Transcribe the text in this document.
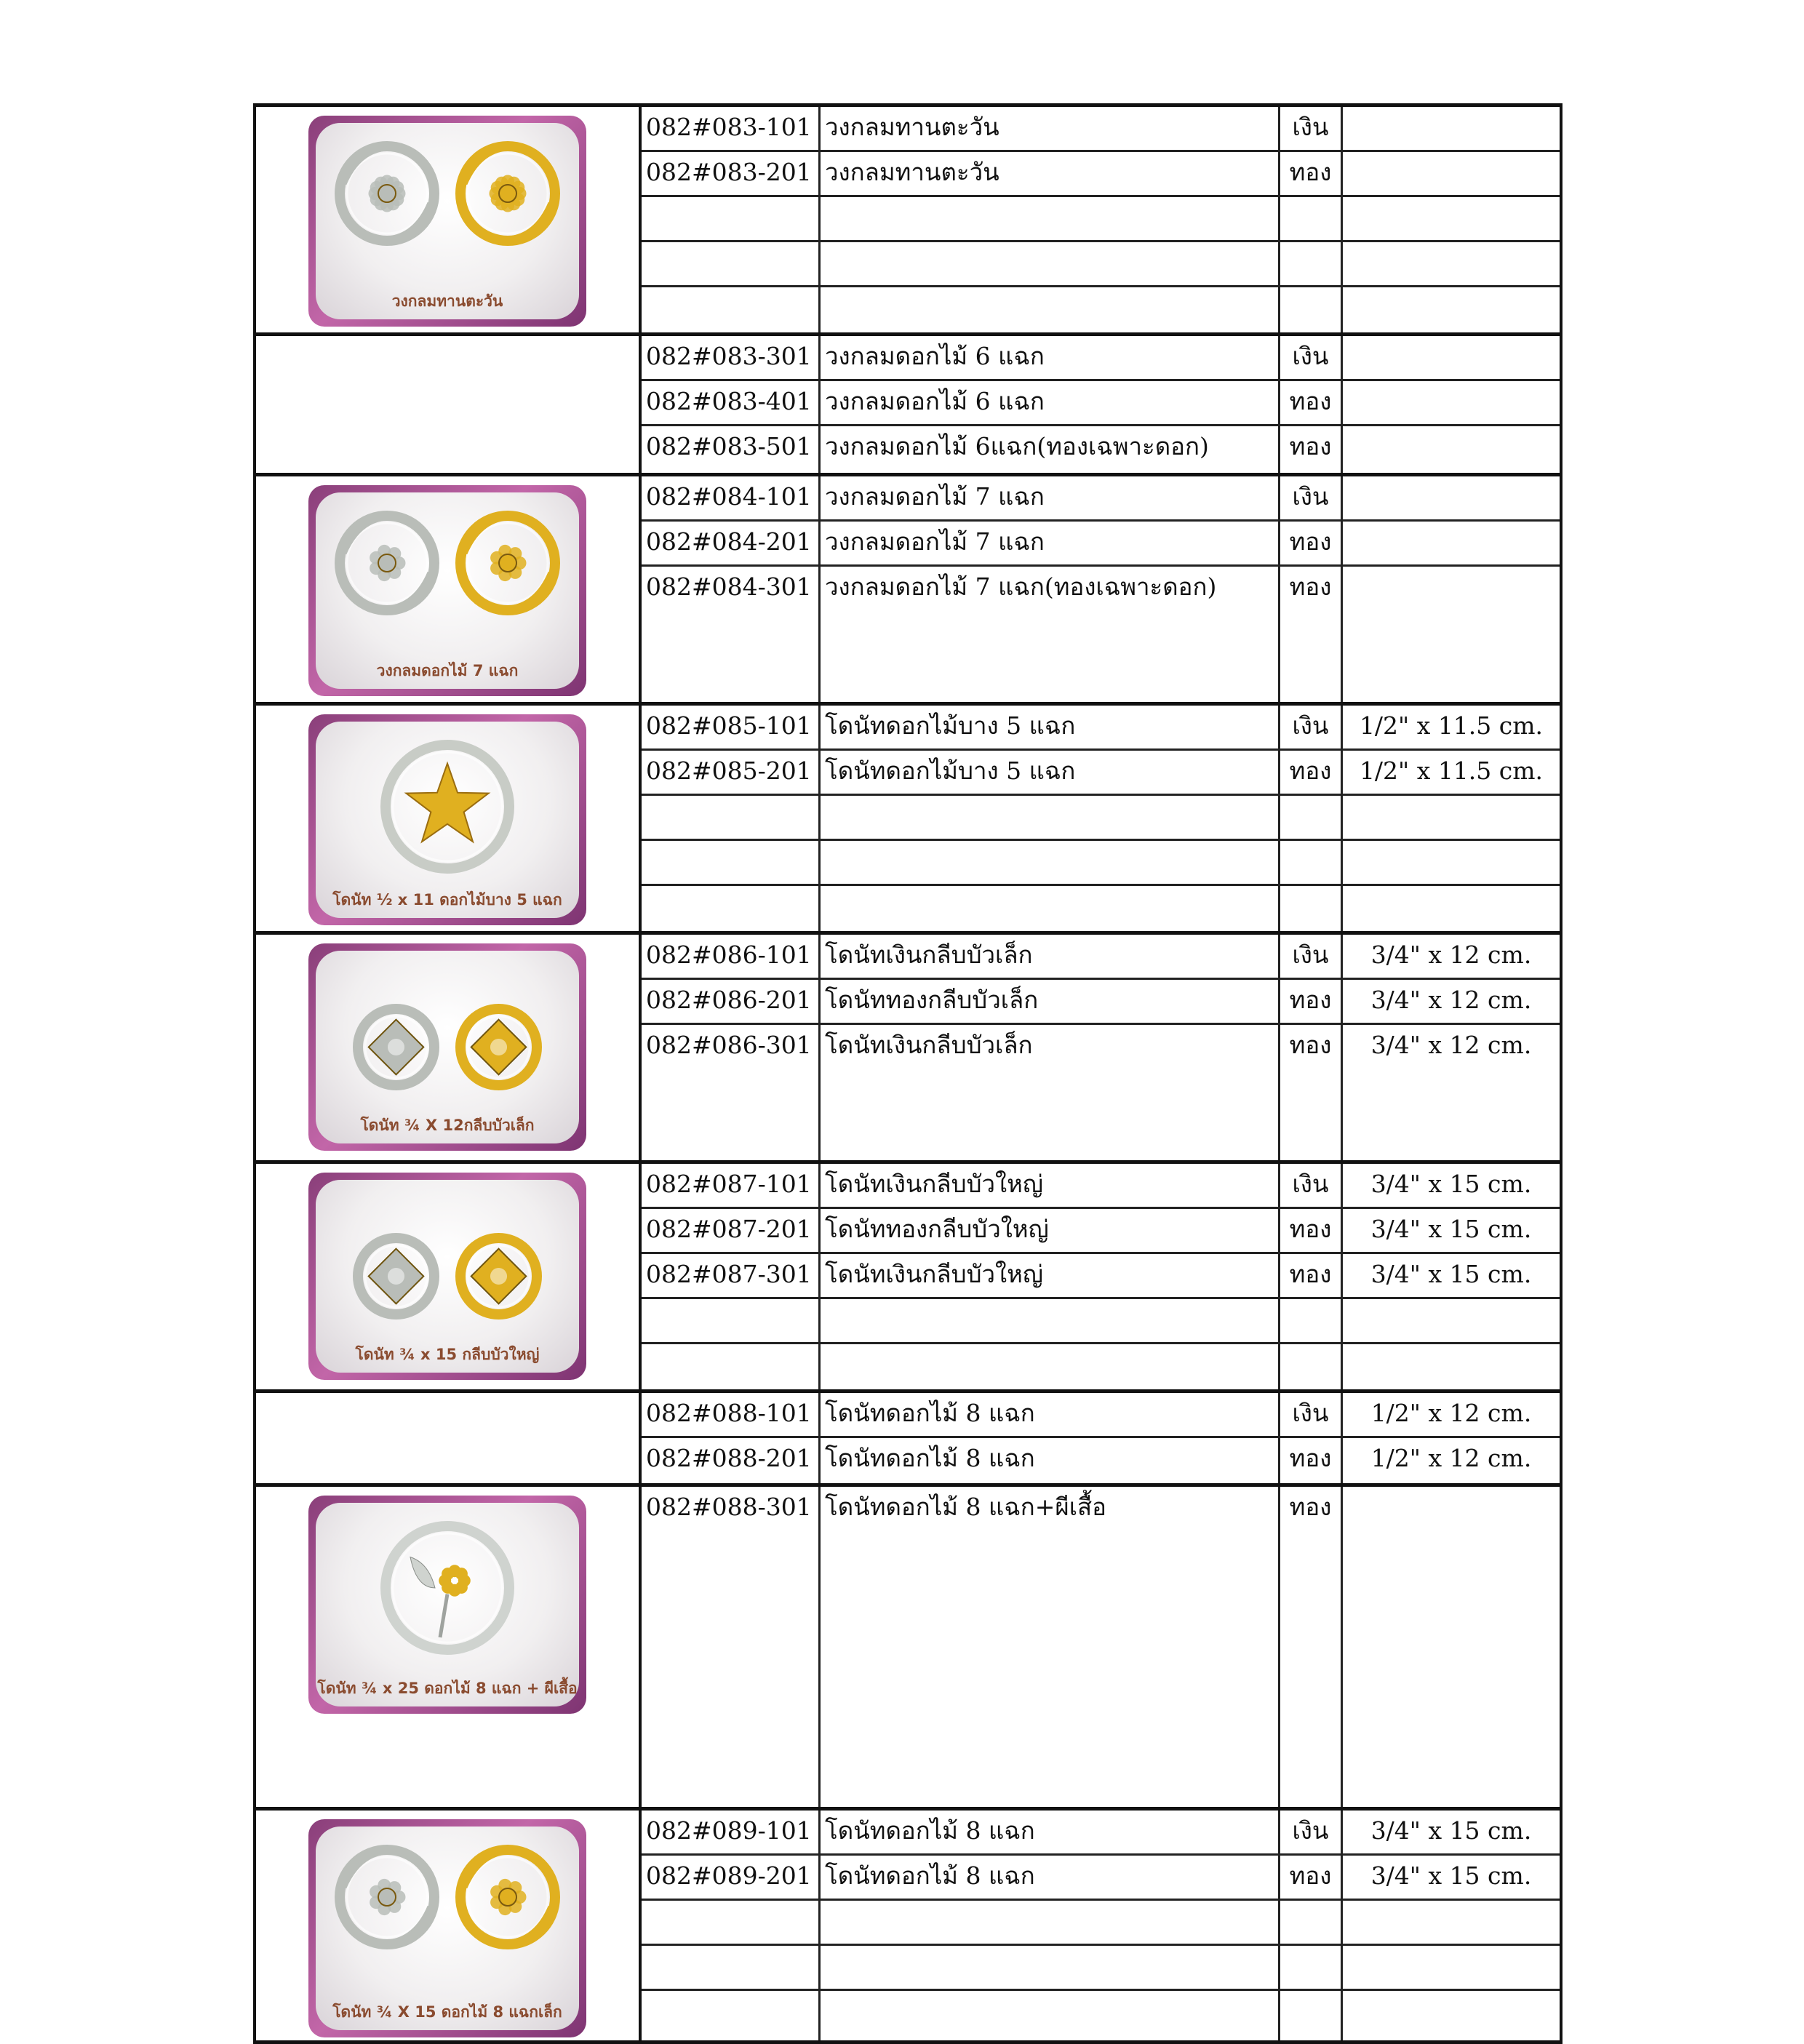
วงกลมทานตะวัน
082#083-101 วงกลมทานตะวัน	เงิน
082#083-201 วงกลมทานตะวัน	ทอง
082#083-301 วงกลมดอกไม้ 6 แฉก	เงิน
082#083-401 วงกลมดอกไม้ 6 แฉก	ทอง
082#083-501 วงกลมดอกไม้ 6แฉก(ทองเฉพาะดอก)	ทอง
วงกลมดอกไม้ 7 แฉก
082#084-101 วงกลมดอกไม้ 7 แฉก	เงิน
082#084-201 วงกลมดอกไม้ 7 แฉก	ทอง
082#084-301 วงกลมดอกไม้ 7 แฉก(ทองเฉพาะดอก)	ทอง
โดนัท ½ x 11 ดอกไม้บาง 5 แฉก
082#085-101 โดนัทดอกไม้บาง 5 แฉก	เงิน	1/2" x 11.5 cm.
082#085-201 โดนัทดอกไม้บาง 5 แฉก	ทอง	1/2" x 11.5 cm.
โดนัท ¾ X 12กลีบบัวเล็ก
082#086-101 โดนัทเงินกลีบบัวเล็ก	เงิน	3/4" x 12 cm.
082#086-201 โดนัททองกลีบบัวเล็ก	ทอง	3/4" x 12 cm.
082#086-301 โดนัทเงินกลีบบัวเล็ก	ทอง	3/4" x 12 cm.
โดนัท ¾ x 15 กลีบบัวใหญ่
082#087-101 โดนัทเงินกลีบบัวใหญ่	เงิน	3/4" x 15 cm.
082#087-201 โดนัททองกลีบบัวใหญ่	ทอง	3/4" x 15 cm.
082#087-301 โดนัทเงินกลีบบัวใหญ่	ทอง	3/4" x 15 cm.
082#088-101 โดนัทดอกไม้ 8 แฉก	เงิน	1/2" x 12 cm.
082#088-201 โดนัทดอกไม้ 8 แฉก	ทอง	1/2" x 12 cm.
โดนัท ¾ x 25 ดอกไม้ 8 แฉก + ผีเสื้อ
082#088-301 โดนัทดอกไม้ 8 แฉก+ผีเสื้อ	ทอง
โดนัท ¾ X 15 ดอกไม้ 8 แฉกเล็ก
082#089-101 โดนัทดอกไม้ 8 แฉก	เงิน	3/4" x 15 cm.
082#089-201 โดนัทดอกไม้ 8 แฉก	ทอง	3/4" x 15 cm.
